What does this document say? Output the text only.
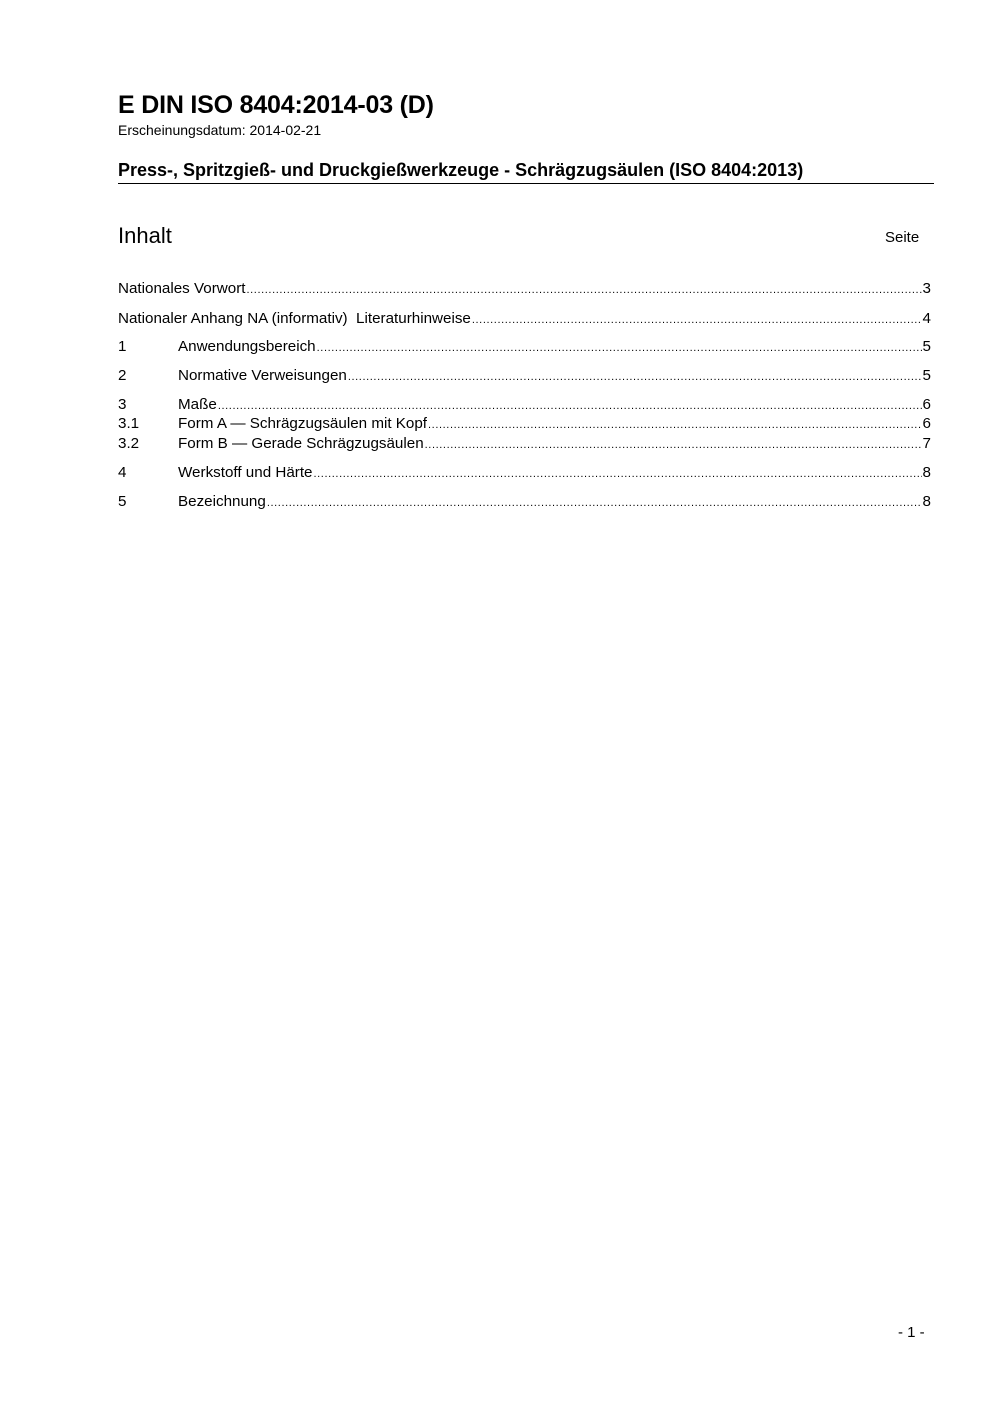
E DIN ISO 8404:2014-03 (D)
Erscheinungsdatum: 2014-02-21
Press-, Spritzgieß- und Druckgießwerkzeuge - Schrägzugsäulen (ISO 8404:2013)
Inhalt	Seite
Nationales Vorwort .....	3
Nationaler Anhang NA (informativ)  Literaturhinweise .....	4
1	Anwendungsbereich .....	5
2	Normative Verweisungen .....	5
3	Maße .....	6
3.1	Form A — Schrägzugsäulen mit Kopf .....	6
3.2	Form B — Gerade Schrägzugsäulen .....	7
4	Werkstoff und Härte .....	8
5	Bezeichnung .....	8
- 1 -
